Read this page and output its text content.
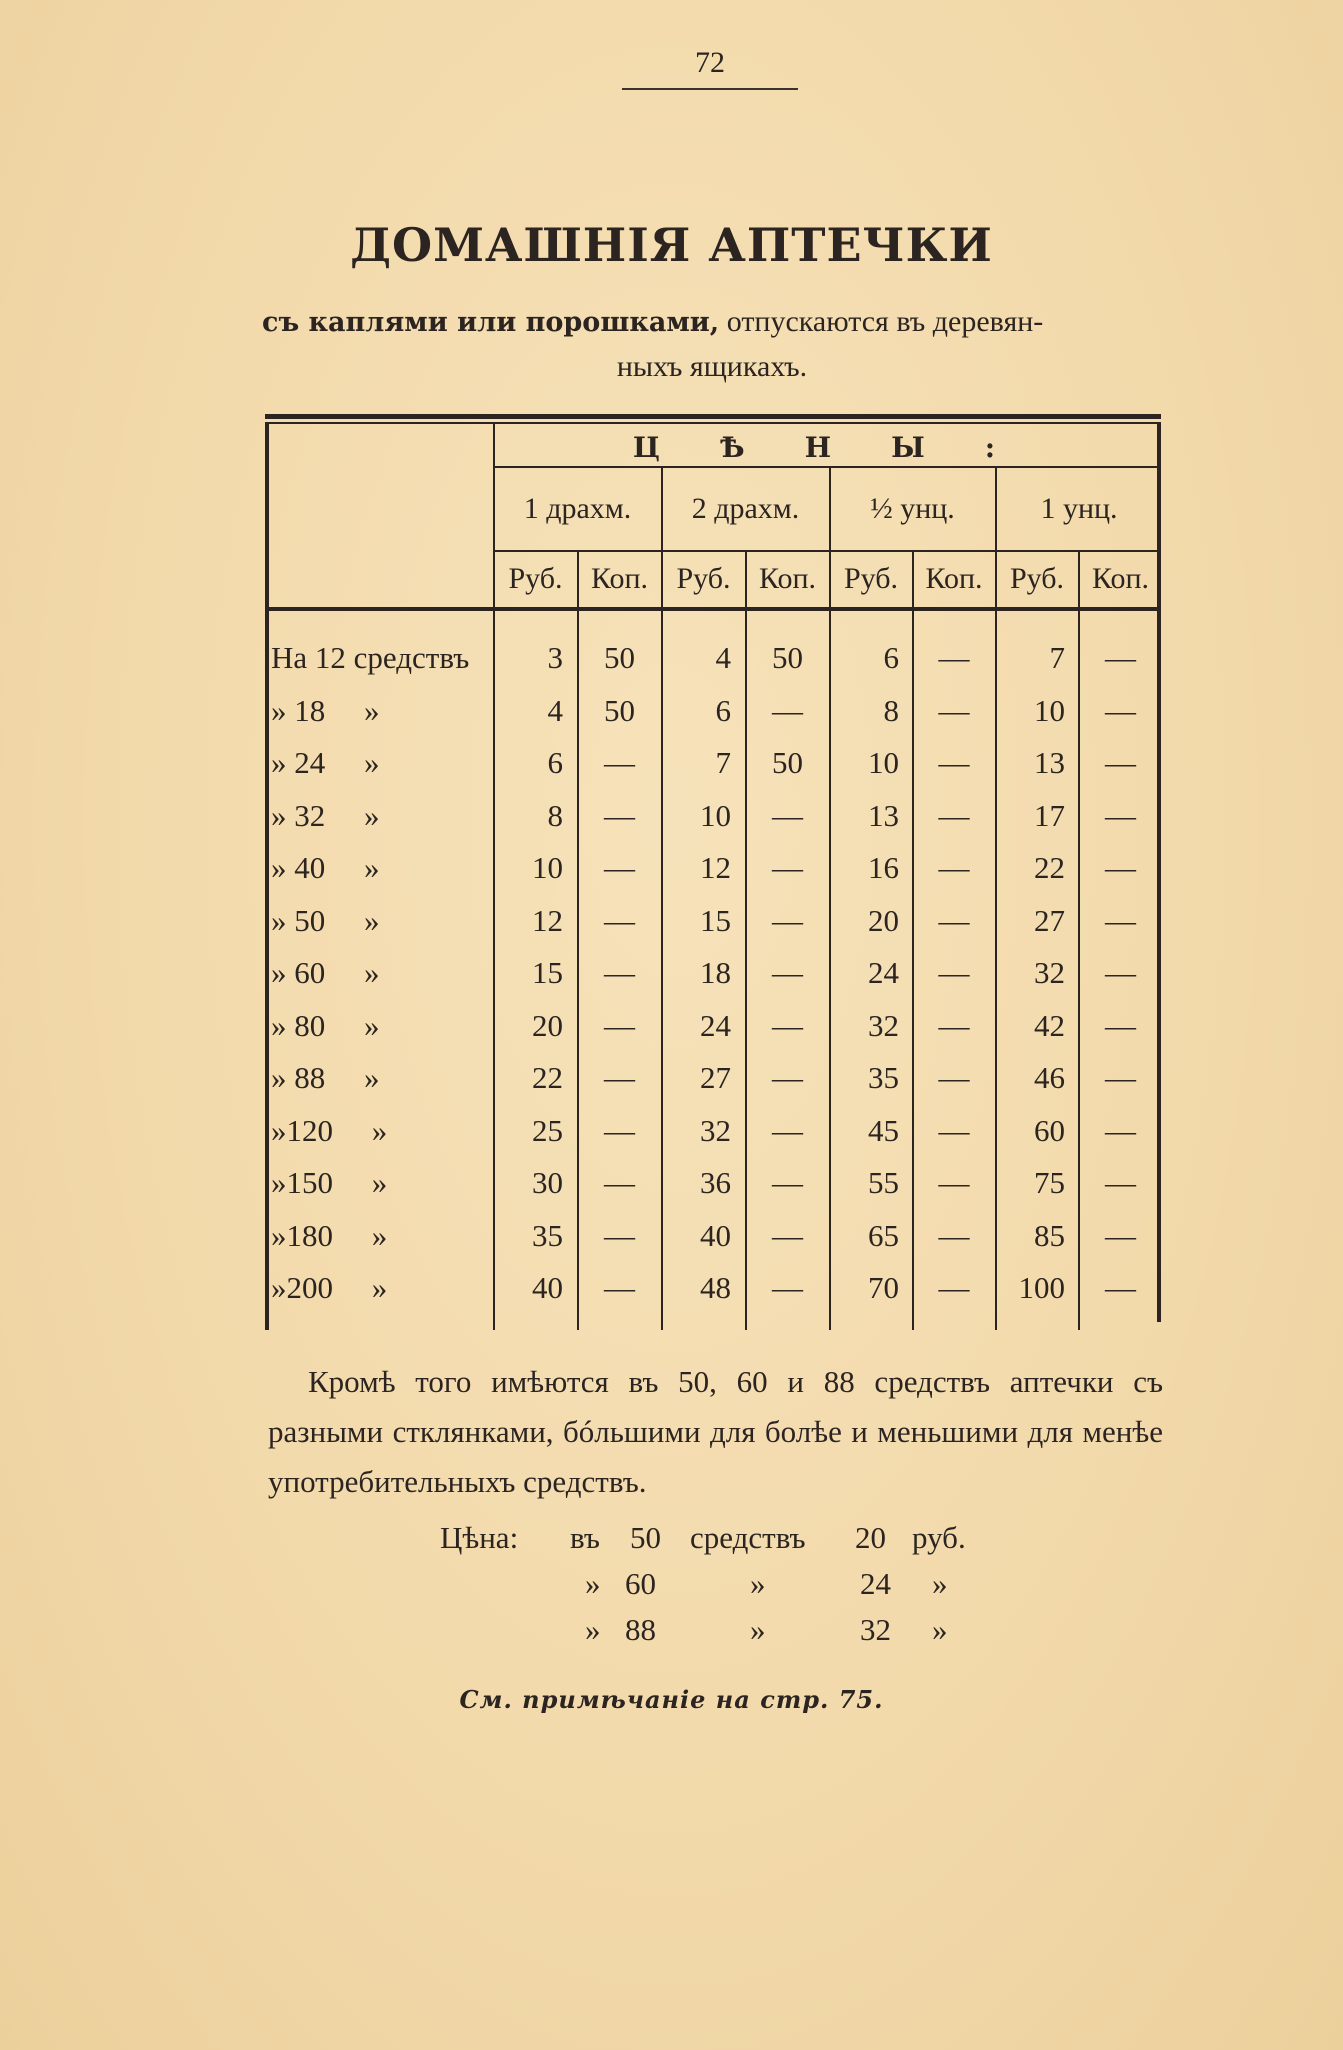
72
ДОМАШНІЯ АПТЕЧКИ
съ каплями или порошками, отпускаются въ деревян-
ныхъ ящикахъ.
ЦѢНЫ:
1 драхм.	2 драхм.	½ унц.	1 унц.
Руб. Коп. Руб. Коп. Руб. Коп. Руб. Коп.
На 12 средствъ	3	50	4	50	6	—	7	—
» 18     »	4	50	6	—	8	—	10	—
» 24     »	6	—	7	50	10	—	13	—
» 32     »	8	—	10	—	13	—	17	—
» 40     »	10	—	12	—	16	—	22	—
» 50     »	12	—	15	—	20	—	27	—
» 60     »	15	—	18	—	24	—	32	—
» 80     »	20	—	24	—	32	—	42	—
» 88     »	22	—	27	—	35	—	46	—
»120     »	25	—	32	—	45	—	60	—
»150     »	30	—	36	—	55	—	75	—
»180     »	35	—	40	—	65	—	85	—
»200     »	40	—	48	—	70	—	100	—
Кромѣ того имѣются въ 50, 60 и 88 средствъ аптечки съ разными стклянками, бóльшими для болѣе и меньшими для менѣе употребительныхъ средствъ.
Цѣна: въ 50 средствъ 20 руб.
» 60	»	24 »
» 88	»	32 »
См. примѣчаніе на стр. 75.
